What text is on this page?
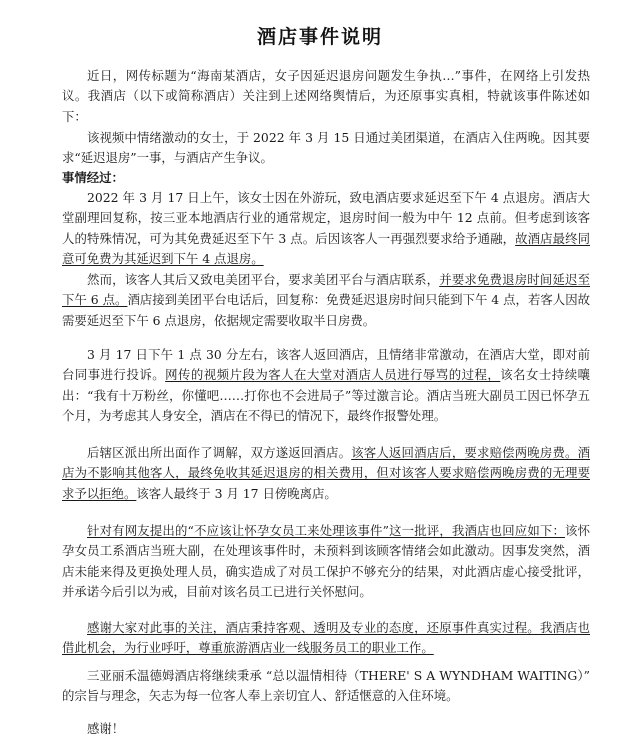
酒店事件说明

近日，网传标题为“海南某酒店，女子因延迟退房问题发生争执…”事件，在网络上引发热议。我酒店（以下或简称酒店）关注到上述网络舆情后，为还原事实真相，特就该事件陈述如下：

该视频中情绪激动的女士，于 2022 年 3 月 15 日通过美团渠道，在酒店入住两晚。因其要求“延迟退房”一事，与酒店产生争议。

事情经过：

2022 年 3 月 17 日上午，该女士因在外游玩，致电酒店要求延迟至下午 4 点退房。酒店大堂副理回复称，按三亚本地酒店行业的通常规定，退房时间一般为中午 12 点前。但考虑到该客人的特殊情况，可为其免费延迟至下午 3 点。后因该客人一再强烈要求给予通融，故酒店最终同意可免费为其延迟到下午 4 点退房。

然而，该客人其后又致电美团平台，要求美团平台与酒店联系，并要求免费退房时间延迟至下午 6 点。酒店接到美团平台电话后，回复称：免费延迟退房时间只能到下午 4 点，若客人因故需要延迟至下午 6 点退房，依据规定需要收取半日房费。

3 月 17 日下午 1 点 30 分左右，该客人返回酒店，且情绪非常激动，在酒店大堂，即对前台同事进行投诉。网传的视频片段为客人在大堂对酒店人员进行辱骂的过程，该名女士持续嚷出：“我有十万粉丝，你懂吧……打你也不会进局子”等过激言论。酒店当班大副员工因已怀孕五个月，为考虑其人身安全，酒店在不得已的情况下，最终作报警处理。

后辖区派出所出面作了调解，双方遂返回酒店。该客人返回酒店后，要求赔偿两晚房费。酒店为不影响其他客人，最终免收其延迟退房的相关费用，但对该客人要求赔偿两晚房费的无理要求予以拒绝。该客人最终于 3 月 17 日傍晚离店。

针对有网友提出的“不应该让怀孕女员工来处理该事件”这一批评，我酒店也回应如下：该怀孕女员工系酒店当班大副，在处理该事件时，未预料到该顾客情绪会如此激动。因事发突然，酒店未能来得及更换处理人员，确实造成了对员工保护不够充分的结果，对此酒店虚心接受批评，并承诺今后引以为戒，目前对该名员工已进行关怀慰问。

感谢大家对此事的关注，酒店秉持客观、透明及专业的态度，还原事件真实过程。我酒店也借此机会，为行业呼吁，尊重旅游酒店业一线服务员工的职业工作。

三亚丽禾温德姆酒店将继续秉承 “总以温情相待（THERE' S A WYNDHAM WAITING）” 的宗旨与理念，矢志为每一位客人奉上亲切宜人、舒适惬意的入住环境。

感谢！
